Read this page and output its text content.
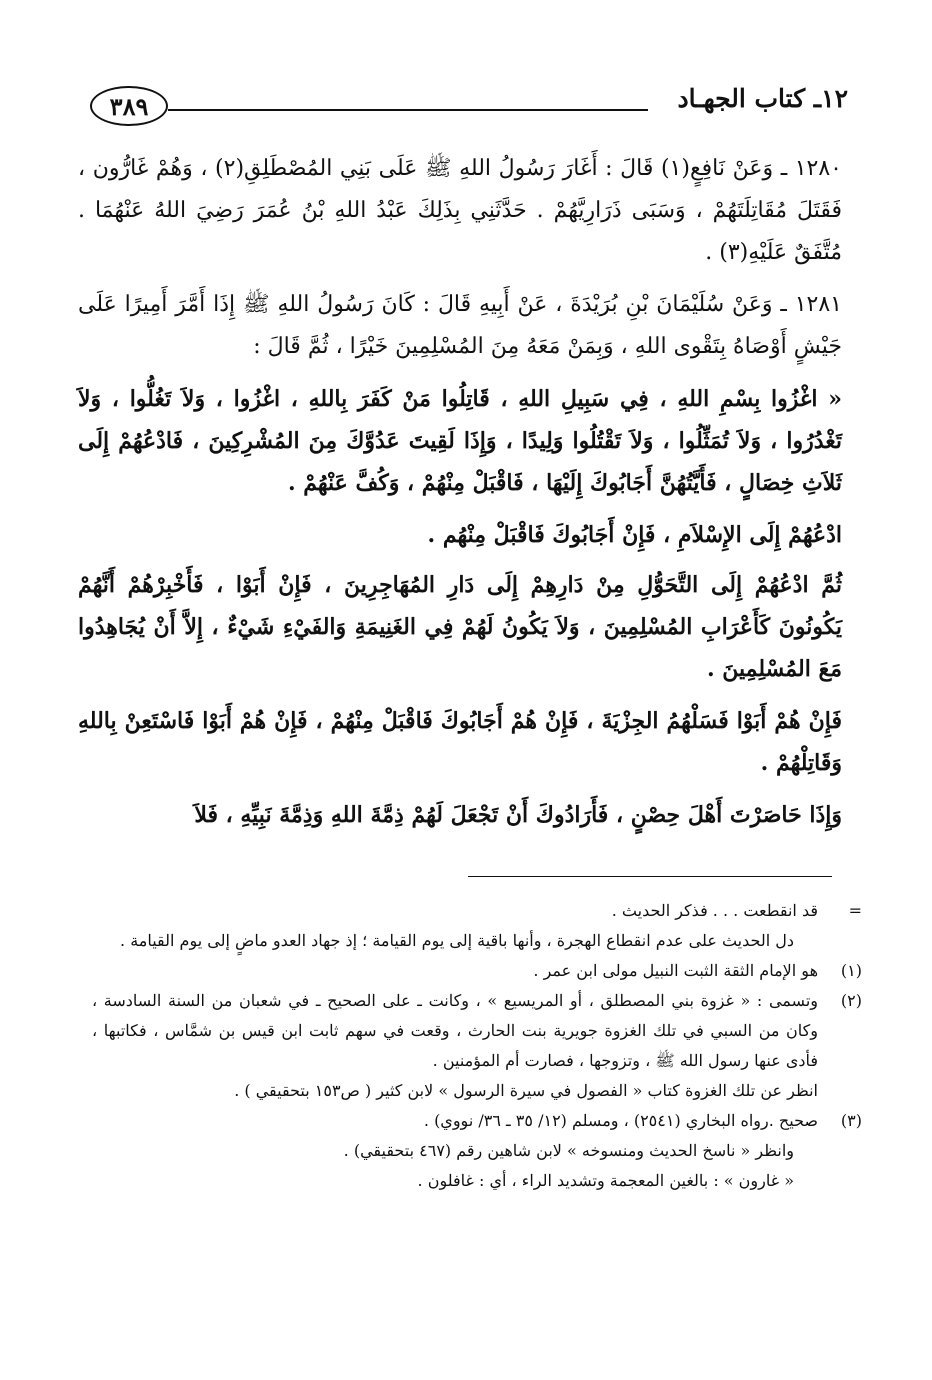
١٢ـ كتاب الجهـاد
٣٨٩

١٢٨٠ ـ وَعَنْ نَافِعٍ(١) قَالَ : أَغَارَ رَسُولُ اللهِ ﷺ عَلَى بَنِي المُصْطَلِقِ(٢) ، وَهُمْ غَارُّون ، فَقَتَلَ مُقَاتِلَتَهُمْ ، وَسَبَى ذَرَارِيَّهُمْ . حَدَّثَنِي بِذَلِكَ عَبْدُ اللهِ بْنُ عُمَرَ رَضِيَ اللهُ عَنْهُمَا . مُتَّفَقٌ عَلَيْهِ(٣) .

١٢٨١ ـ وَعَنْ سُلَيْمَانَ بْنِ بُرَيْدَةَ ، عَنْ أَبِيهِ قَالَ : كَانَ رَسُولُ اللهِ ﷺ إِذَا أَمَّرَ أَمِيرًا عَلَى جَيْشٍ أَوْصَاهُ بِتَقْوى اللهِ ، وَبِمَنْ مَعَهُ مِنَ المُسْلِمِينَ خَيْرًا ، ثُمَّ قَالَ :

« اغْزُوا بِسْمِ اللهِ ، فِي سَبِيلِ اللهِ ، قَاتِلُوا مَنْ كَفَرَ بِاللهِ ، اغْزُوا ، وَلاَ تَغُلُّوا ، وَلاَ تَغْدُرُوا ، وَلاَ تُمَثِّلُوا ، وَلاَ تَقْتُلُوا وَلِيدًا ، وَإِذَا لَقِيتَ عَدُوَّكَ مِنَ المُشْرِكِينَ ، فَادْعُهُمْ إِلَى ثَلاَثِ خِصَالٍ ، فَأَيَّتُهُنَّ أَجَابُوكَ إِلَيْهَا ، فَاقْبَلْ مِنْهُمْ ، وَكُفَّ عَنْهُمْ .

ادْعُهُمْ إِلَى الإِسْلاَمِ ، فَإِنْ أَجَابُوكَ فَاقْبَلْ مِنْهُم .

ثُمَّ ادْعُهُمْ إِلَى التَّحَوُّلِ مِنْ دَارِهِمْ إِلَى دَارِ المُهَاجِرِينَ ، فَإِنْ أَبَوْا ، فَأَخْبِرْهُمْ أَنَّهُمْ يَكُونُونَ كَأَعْرَابِ المُسْلِمِينَ ، وَلاَ يَكُونُ لَهُمْ فِي الغَنِيمَةِ وَالفَيْءِ شَيْءٌ ، إِلاَّ أَنْ يُجَاهِدُوا مَعَ المُسْلِمِينَ .

فَإِنْ هُمْ أَبَوْا فَسَلْهُمُ الجِزْيَةَ ، فَإِنْ هُمْ أَجَابُوكَ فَاقْبَلْ مِنْهُمْ ، فَإِنْ هُمْ أَبَوْا فَاسْتَعِنْ بِاللهِ وَقَاتِلْهُمْ .

وَإِذَا حَاصَرْتَ أَهْلَ حِصْنٍ ، فَأَرَادُوكَ أَنْ تَجْعَلَ لَهُمْ ذِمَّةَ اللهِ وَذِمَّةَ نَبِيِّهِ ، فَلاَ

=
قد انقطعت . . . فذكر الحديث .
دل الحديث على عدم انقطاع الهجرة ، وأنها باقية إلى يوم القيامة ؛ إذ جهاد العدو ماضٍ إلى يوم القيامة .
(١)
هو الإمام الثقة الثبت النبيل مولى ابن عمر .
(٢)
وتسمى : « غزوة بني المصطلق ، أو المريسيع » ، وكانت ـ على الصحيح ـ في شعبان من السنة السادسة ، وكان من السبي في تلك الغزوة جويرية بنت الحارث ، وقعت في سهم ثابت ابن قيس بن شمَّاس ، فكاتبها ، فأدى عنها رسول الله ﷺ ، وتزوجها ، فصارت أم المؤمنين .
انظر عن تلك الغزوة كتاب « الفصول في سيرة الرسول » لابن كثير ( ص١٥٣ بتحقيقي ) .
(٣)
صحيح .رواه البخاري (٢٥٤١) ، ومسلم (١٢/ ٣٥ ـ ٣٦/ نووي) .
وانظر « ناسخ الحديث ومنسوخه » لابن شاهين رقم (٤٦٧ بتحقيقي) .
« غارون » : بالغين المعجمة وتشديد الراء ، أي : غافلون .
